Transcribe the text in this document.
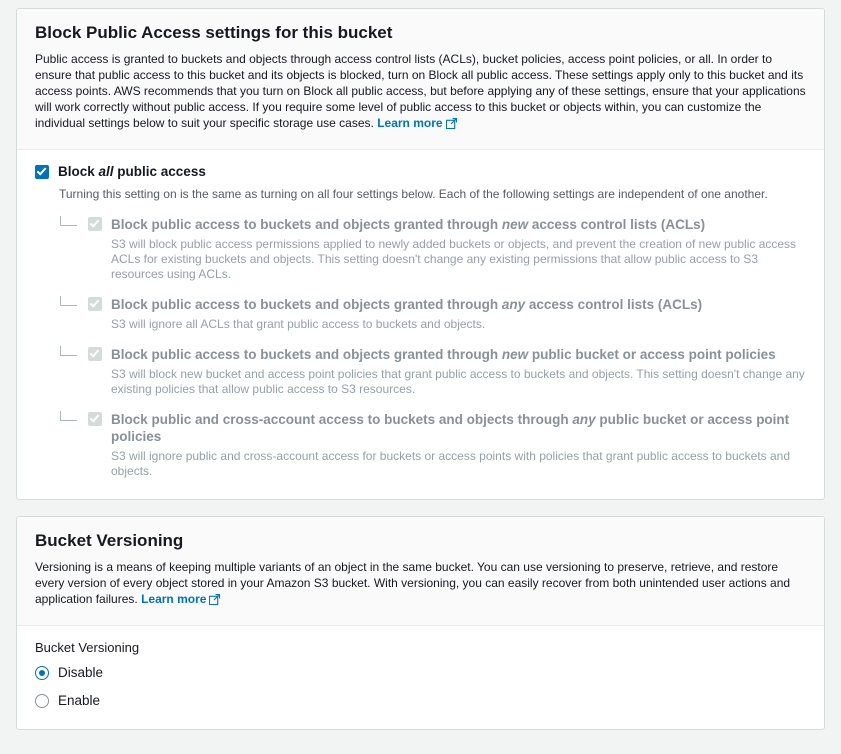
Block Public Access settings for this bucket

Public access is granted to buckets and objects through access control lists (ACLs), bucket policies, access point policies, or all. In order to ensure that public access to this bucket and its objects is blocked, turn on Block all public access. These settings apply only to this bucket and its access points. AWS recommends that you turn on Block all public access, but before applying any of these settings, ensure that your applications will work correctly without public access. If you require some level of public access to this bucket or objects within, you can customize the individual settings below to suit your specific storage use cases. Learn more

Block all public access
Turning this setting on is the same as turning on all four settings below. Each of the following settings are independent of one another.
Block public access to buckets and objects granted through new access control lists (ACLs)
S3 will block public access permissions applied to newly added buckets or objects, and prevent the creation of new public access ACLs for existing buckets and objects. This setting doesn't change any existing permissions that allow public access to S3 resources using ACLs.
Block public access to buckets and objects granted through any access control lists (ACLs)
S3 will ignore all ACLs that grant public access to buckets and objects.
Block public access to buckets and objects granted through new public bucket or access point policies
S3 will block new bucket and access point policies that grant public access to buckets and objects. This setting doesn't change any existing policies that allow public access to S3 resources.
Block public and cross-account access to buckets and objects through any public bucket or access point policies
S3 will ignore public and cross-account access for buckets or access points with policies that grant public access to buckets and objects.
Bucket Versioning

Versioning is a means of keeping multiple variants of an object in the same bucket. You can use versioning to preserve, retrieve, and restore every version of every object stored in your Amazon S3 bucket. With versioning, you can easily recover from both unintended user actions and application failures. Learn more

Bucket Versioning
Disable
Enable
